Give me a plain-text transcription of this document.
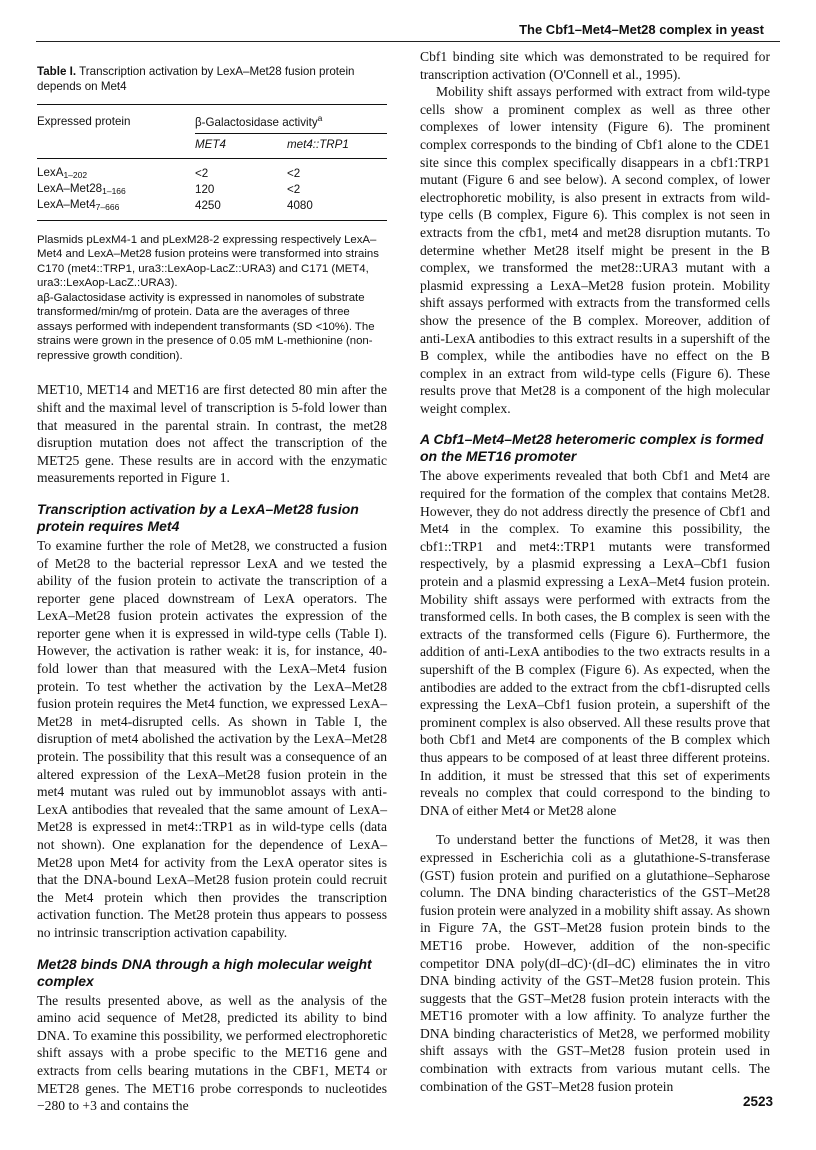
The Cbf1–Met4–Met28 complex in yeast
Table I. Transcription activation by LexA–Met28 fusion protein depends on Met4

Expressed protein	β-Galactosidase activity$^a$
	MET4	met4::TRP1
LexA$_{1-202}$	<2	<2
LexA–$Met28_{1-166}$	120	<2
LexA–$Met4_{7-666}$	4250	4080

Plasmids pLexM4-1 and pLexM28-2 expressing respectively LexA–Met4 and LexA–Met28 fusion proteins were transformed into strains C170 (met4::TRP1, ura3::LexAop-LacZ::URA3) and C171 (MET4, ura3::LexAop-LacZ.:URA3).

aβ-Galactosidase activity is expressed in nanomoles of substrate transformed/min/mg of protein. Data are the averages of three assays performed with independent transformants (SD <10%). The strains were grown in the presence of 0.05 mM L-methionine (non-repressive growth condition).

MET10, MET14 and MET16 are first detected 80 min after the shift and the maximal level of transcription is 5-fold lower than that measured in the parental strain. In contrast, the met28 disruption mutation does not affect the transcription of the MET25 gene. These results are in accord with the enzymatic measurements reported in Figure 1.

Transcription activation by a LexA–Met28 fusion protein requires Met4

To examine further the role of Met28, we constructed a fusion of Met28 to the bacterial repressor LexA and we tested the ability of the fusion protein to activate the transcription of a reporter gene placed downstream of LexA operators. The LexA–Met28 fusion protein activates the expression of the reporter gene when it is expressed in wild-type cells (Table I). However, the activation is rather weak: it is, for instance, 40-fold lower than that measured with the LexA–Met4 fusion protein. To test whether the activation by the LexA–Met28 fusion protein requires the Met4 function, we expressed LexA–Met28 in met4-disrupted cells. As shown in Table I, the disruption of met4 abolished the activation by the LexA–Met28 protein. The possibility that this result was a consequence of an altered expression of the LexA–Met28 fusion protein in the met4 mutant was ruled out by immunoblot assays with anti-LexA antibodies that revealed that the same amount of LexA–Met28 is expressed in met4::TRP1 as in wild-type cells (data not shown). One explanation for the dependence of LexA–Met28 upon Met4 for activity from the LexA operator sites is that the DNA-bound LexA–Met28 fusion protein could recruit the Met4 protein which then provides the transcription activation function. The Met28 protein thus appears to possess no intrinsic transcription activation capability.

Met28 binds DNA through a high molecular weight complex

The results presented above, as well as the analysis of the amino acid sequence of Met28, predicted its ability to bind DNA. To examine this possibility, we performed electrophoretic shift assays with a probe specific to the MET16 gene and extracts from cells bearing mutations in the CBF1, MET4 or MET28 genes. The MET16 probe corresponds to nucleotides −280 to +3 and contains the

Cbf1 binding site which was demonstrated to be required for transcription activation (O'Connell et al., 1995).

Mobility shift assays performed with extract from wild-type cells show a prominent complex as well as three other complexes of lower intensity (Figure 6). The prominent complex corresponds to the binding of Cbf1 alone to the CDE1 site since this complex specifically disappears in a cbf1:TRP1 mutant (Figure 6 and see below). A second complex, of lower electrophoretic mobility, is also present in extracts from wild-type cells (B complex, Figure 6). This complex is not seen in extracts from the cfb1, met4 and met28 disruption mutants. To determine whether Met28 itself might be present in the B complex, we transformed the met28::URA3 mutant with a plasmid expressing a LexA–Met28 fusion protein. Mobility shift assays performed with extracts from the transformed cells show the presence of the B complex. Moreover, addition of anti-LexA antibodies to this extract results in a supershift of the B complex, while the antibodies have no effect on the B complex in an extract from wild-type cells (Figure 6). These results prove that Met28 is a component of the high molecular weight complex.

A Cbf1–Met4–Met28 heteromeric complex is formed on the MET16 promoter

The above experiments revealed that both Cbf1 and Met4 are required for the formation of the complex that contains Met28. However, they do not address directly the presence of Cbf1 and Met4 in the complex. To examine this possibility, the cbf1::TRP1 and met4::TRP1 mutants were transformed respectively, by a plasmid expressing a LexA–Cbf1 fusion protein and a plasmid expressing a LexA–Met4 fusion protein. Mobility shift assays were performed with extracts from the transformed cells. In both cases, the B complex is seen with the extracts of the transformed cells (Figure 6). Furthermore, the addition of anti-LexA antibodies to the two extracts results in a supershift of the B complex (Figure 6). As expected, when the antibodies are added to the extract from the cbf1-disrupted cells expressing the LexA–Cbf1 fusion protein, a supershift of the prominent complex is also observed. All these results prove that both Cbf1 and Met4 are components of the B complex which thus appears to be composed of at least three different proteins. In addition, it must be stressed that this set of experiments reveals no complex that could correspond to the binding to DNA of either Met4 or Met28 alone

To understand better the functions of Met28, it was then expressed in Escherichia coli as a glutathione-S-transferase (GST) fusion protein and purified on a glutathione–Sepharose column. The DNA binding characteristics of the GST–Met28 fusion protein were analyzed in a mobility shift assay. As shown in Figure 7A, the GST–Met28 fusion protein binds to the MET16 probe. However, addition of the non-specific competitor DNA poly(dI–dC)·(dI–dC) eliminates the in vitro DNA binding activity of the GST–Met28 fusion protein. This suggests that the GST–Met28 fusion protein interacts with the MET16 promoter with a low affinity. To analyze further the DNA binding characteristics of Met28, we performed mobility shift assays with the GST–Met28 fusion protein used in combination with extracts from various mutant cells. The combination of the GST–Met28 fusion protein

2523
